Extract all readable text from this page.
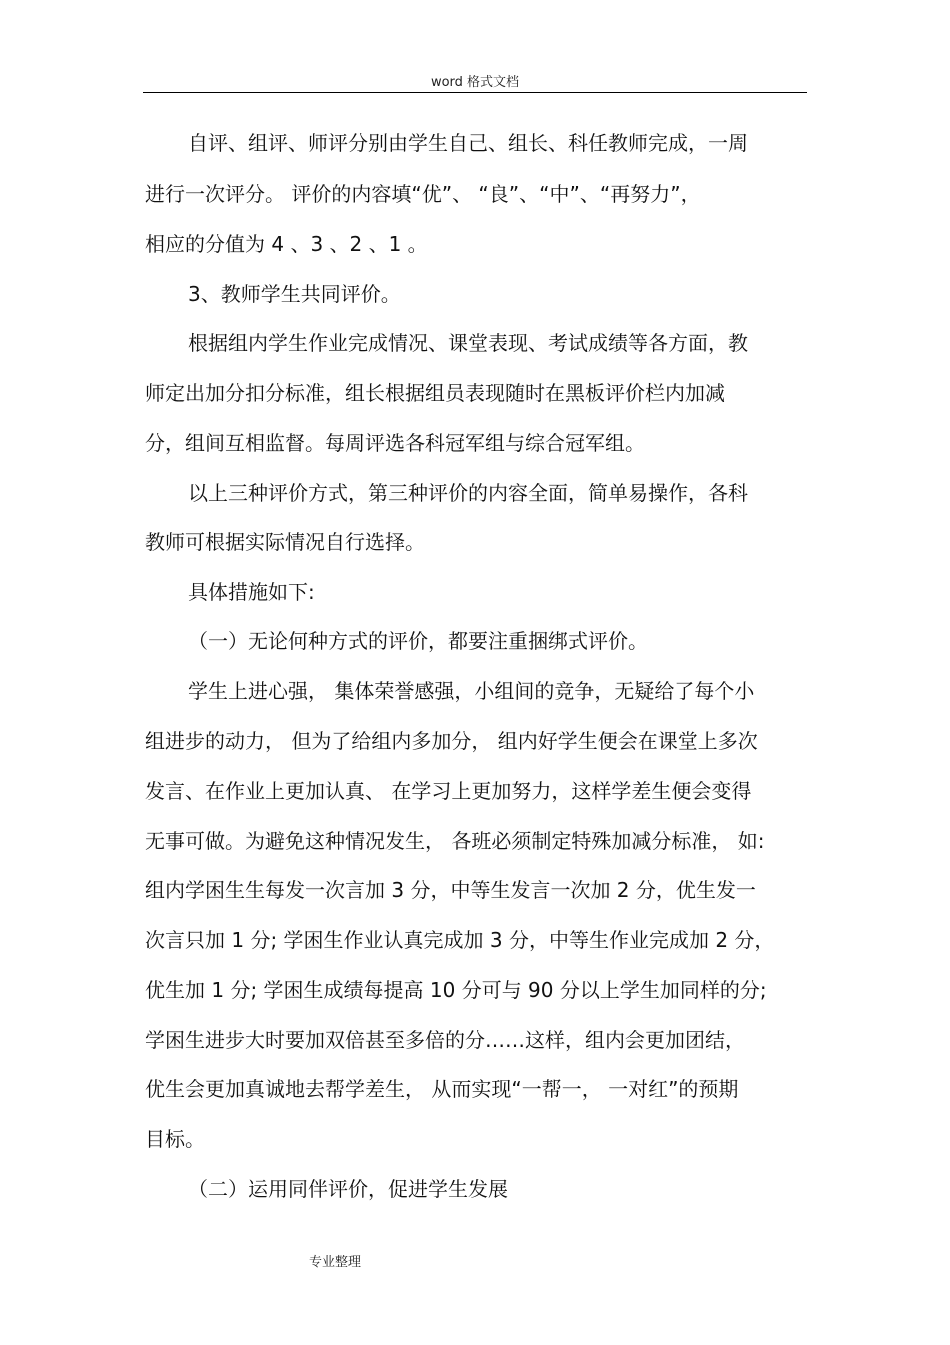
word 格式文档
自评、组评、师评分别由学生自己、组长、科任教师完成，一周
进行一次评分。 评价的内容填“优”、 “良”、“中”、“再努力”，
相应的分值为 4 、3 、2 、1 。
3、教师学生共同评价。
根据组内学生作业完成情况、课堂表现、考试成绩等各方面，教
师定出加分扣分标准，组长根据组员表现随时在黑板评价栏内加减
分，组间互相监督。每周评选各科冠军组与综合冠军组。
以上三种评价方式，第三种评价的内容全面，简单易操作，各科
教师可根据实际情况自行选择。
具体措施如下:
（一）无论何种方式的评价，都要注重捆绑式评价。
学生上进心强， 集体荣誉感强，小组间的竞争，无疑给了每个小
组进步的动力， 但为了给组内多加分， 组内好学生便会在课堂上多次
发言、在作业上更加认真、 在学习上更加努力，这样学差生便会变得
无事可做。为避免这种情况发生， 各班必须制定特殊加减分标准， 如:
组内学困生生每发一次言加 3 分，中等生发言一次加 2 分，优生发一
次言只加 1 分; 学困生作业认真完成加 3 分，中等生作业完成加 2 分，
优生加 1 分; 学困生成绩每提高 10 分可与 90 分以上学生加同样的分;
学困生进步大时要加双倍甚至多倍的分……这样，组内会更加团结，
优生会更加真诚地去帮学差生， 从而实现“一帮一， 一对红”的预期
目标。
（二）运用同伴评价，促进学生发展
专业整理
